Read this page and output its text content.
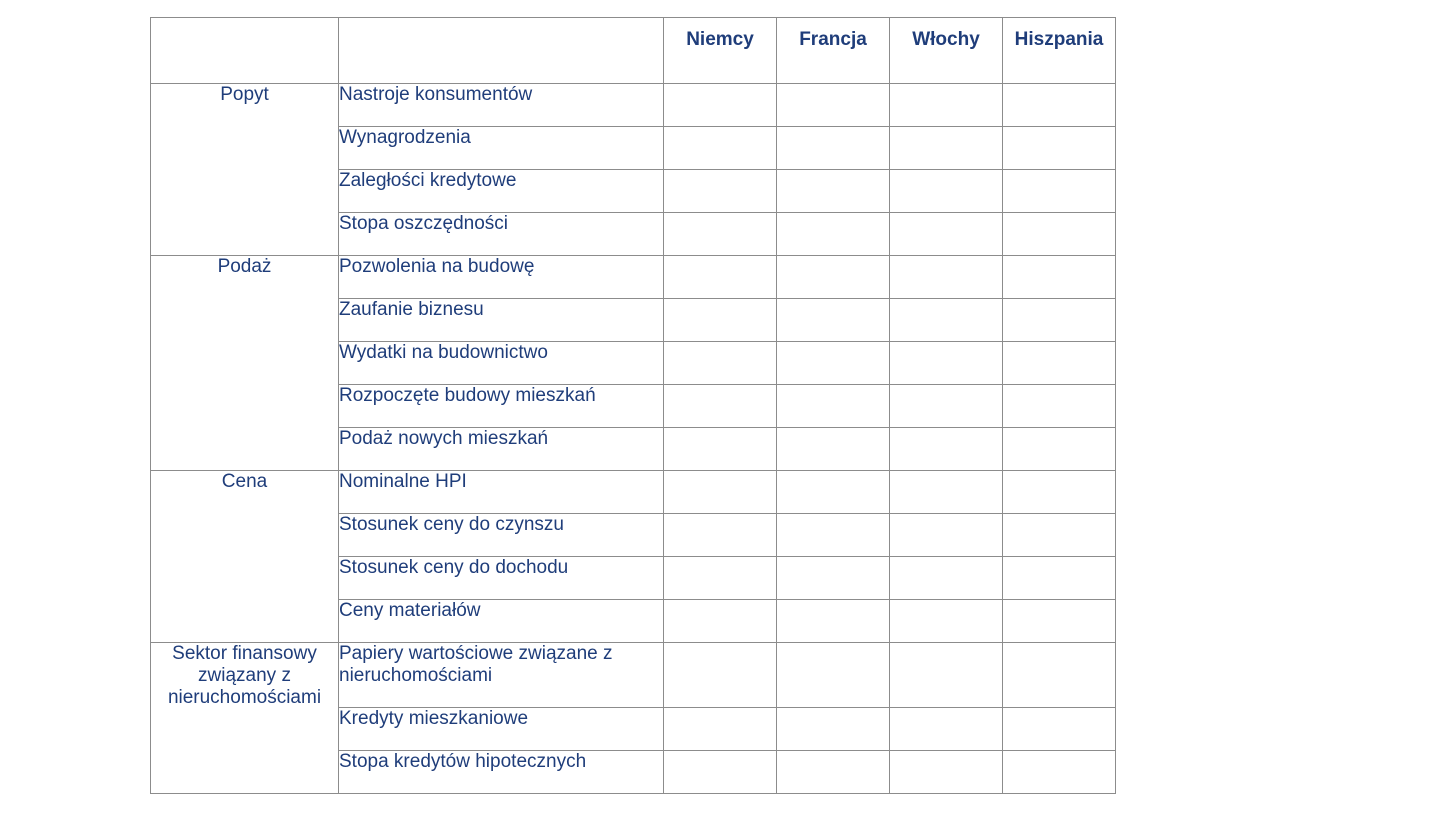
		Niemcy	Francja	Włochy	Hiszpania
Popyt	Nastroje konsumentów				
	Wynagrodzenia				
	Zaległości kredytowe				
	Stopa oszczędności				
Podaż	Pozwolenia na budowę				
	Zaufanie biznesu				
	Wydatki na budownictwo				
	Rozpoczęte budowy mieszkań				
	Podaż nowych mieszkań				
Cena	Nominalne HPI				
	Stosunek ceny do czynszu				
	Stosunek ceny do dochodu				
	Ceny materiałów				
Sektor finansowy związany z nieruchomościami	Papiery wartościowe związane z nieruchomościami				
	Kredyty mieszkaniowe				
	Stopa kredytów hipotecznych				
